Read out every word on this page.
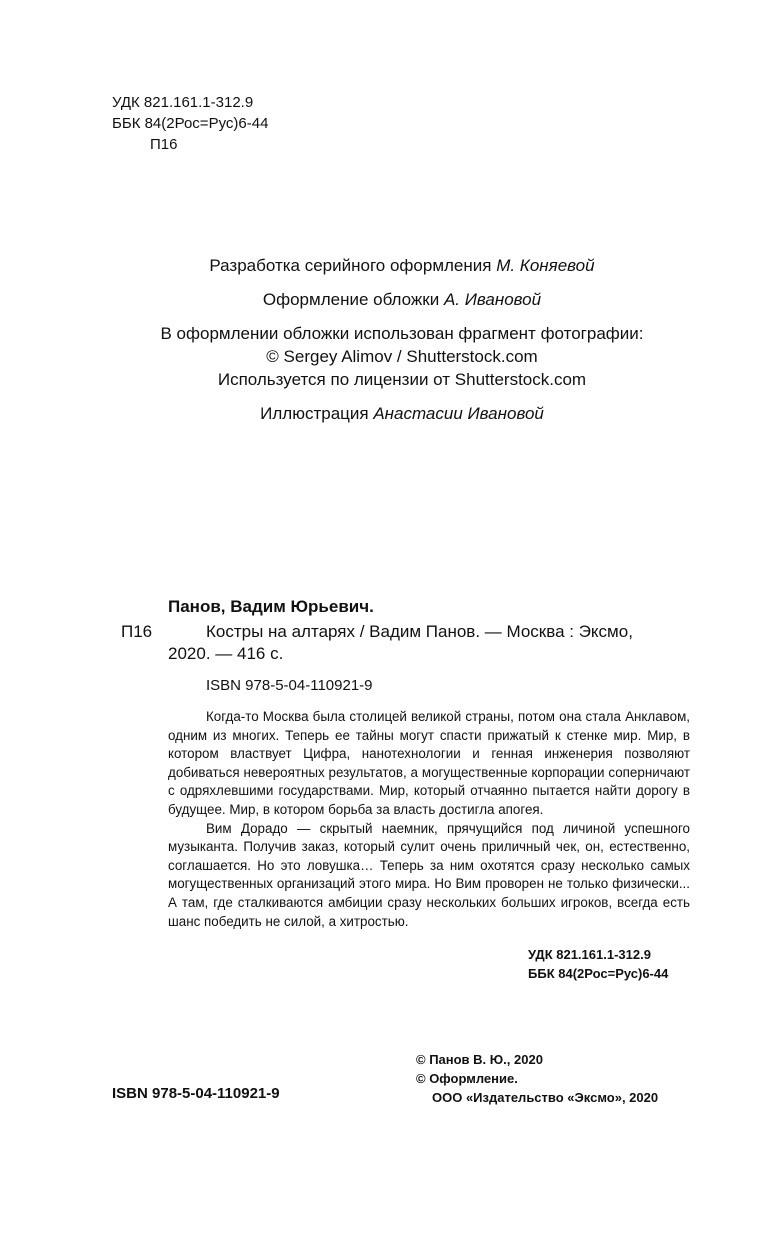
УДК 821.161.1-312.9
ББК 84(2Рос=Рус)6-44
П16
Разработка серийного оформления М. Коняевой
Оформление обложки А. Ивановой
В оформлении обложки использован фрагмент фотографии:
© Sergey Alimov / Shutterstock.com
Используется по лицензии от Shutterstock.com
Иллюстрация Анастасии Ивановой
Панов, Вадим Юрьевич.
П16	Костры на алтарях / Вадим Панов. — Москва : Эксмо,
2020. — 416 с.
ISBN 978-5-04-110921-9

Когда-то Москва была столицей великой страны, потом она стала Анклавом, одним из многих. Теперь ее тайны могут спасти прижатый к стенке мир. Мир, в котором властвует Цифра, нанотехнологии и генная инженерия позволяют добиваться невероятных результатов, а могущественные корпорации соперничают с одряхлевшими государствами. Мир, который отчаянно пытается найти дорогу в будущее. Мир, в котором борьба за власть достигла апогея.

Вим Дорадо — скрытый наемник, прячущийся под личиной успешного музыканта. Получив заказ, который сулит очень приличный чек, он, естественно, соглашается. Но это ловушка… Теперь за ним охотятся сразу несколько самых могущественных организаций этого мира. Но Вим проворен не только физически... А там, где сталкиваются амбиции сразу нескольких больших игроков, всегда есть шанс победить не силой, а хитростью.

УДК 821.161.1-312.9
ББК 84(2Рос=Рус)6-44
© Панов В. Ю., 2020
© Оформление.
ООО «Издательство «Эксмо», 2020
ISBN 978-5-04-110921-9
